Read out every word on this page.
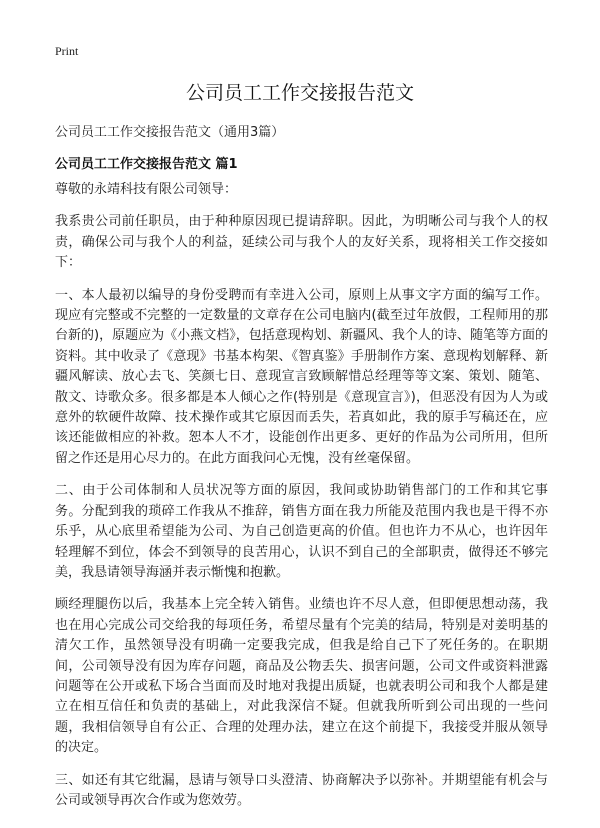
Print
公司员工工作交接报告范文
公司员工工作交接报告范文（通用3篇）
公司员工工作交接报告范文 篇1

尊敬的永靖科技有限公司领导：

我系贵公司前任职员，由于种种原因现已提请辞职。因此，为明晰公司与我个人的权责，确保公司与我个人的利益，延续公司与我个人的友好关系，现将相关工作交接如下：

一、本人最初以编导的身份受聘而有幸进入公司，原则上从事文字方面的编写工作。现应有完整或不完整的一定数量的文章存在公司电脑内(截至过年放假，工程师用的那台新的)，原题应为《小燕文档》，包括意现构划、新疆风、我个人的诗、随笔等方面的资料。其中收录了《意现》书基本构架、《智真鉴》手册制作方案、意现构划解释、新疆风解读、放心去飞、笑颜七日、意现宣言致顾解惜总经理等等文案、策划、随笔、散文、诗歌众多。很多都是本人倾心之作(特别是《意现宣言》)，但恶没有因为人为或意外的软硬件故障、技术操作或其它原因而丢失，若真如此，我的原手写稿还在，应该还能做相应的补救。恕本人不才，设能创作出更多、更好的作品为公司所用，但所留之作还是用心尽力的。在此方面我问心无愧，没有丝毫保留。

二、由于公司体制和人员状况等方面的原因，我间或协助销售部门的工作和其它事务。分配到我的琐碎工作我从不推辞，销售方面在我力所能及范围内我也是干得不亦乐乎，从心底里希望能为公司、为自己创造更高的价值。但也许力不从心，也许因年轻理解不到位，体会不到领导的良苦用心，认识不到自己的全部职责，做得还不够完美，我恳请领导海涵并表示惭愧和抱歉。

顾经理腿伤以后，我基本上完全转入销售。业绩也许不尽人意，但即便思想动荡，我也在用心完成公司交给我的每项任务，希望尽量有个完美的结局，特别是对姜明基的清欠工作，虽然领导没有明确一定要我完成，但我是给自己下了死任务的。在职期间，公司领导没有因为库存问题，商品及公物丢失、损害问题，公司文件或资料泄露问题等在公开或私下场合当面而及时地对我提出质疑，也就表明公司和我个人都是建立在相互信任和负责的基础上，对此我深信不疑。但就我所听到公司出现的一些问题，我相信领导自有公正、合理的处理办法，建立在这个前提下，我接受并服从领导的决定。

三、如还有其它纰漏，恳请与领导口头澄清、协商解决予以弥补。并期望能有机会与公司或领导再次合作或为您效劳。
